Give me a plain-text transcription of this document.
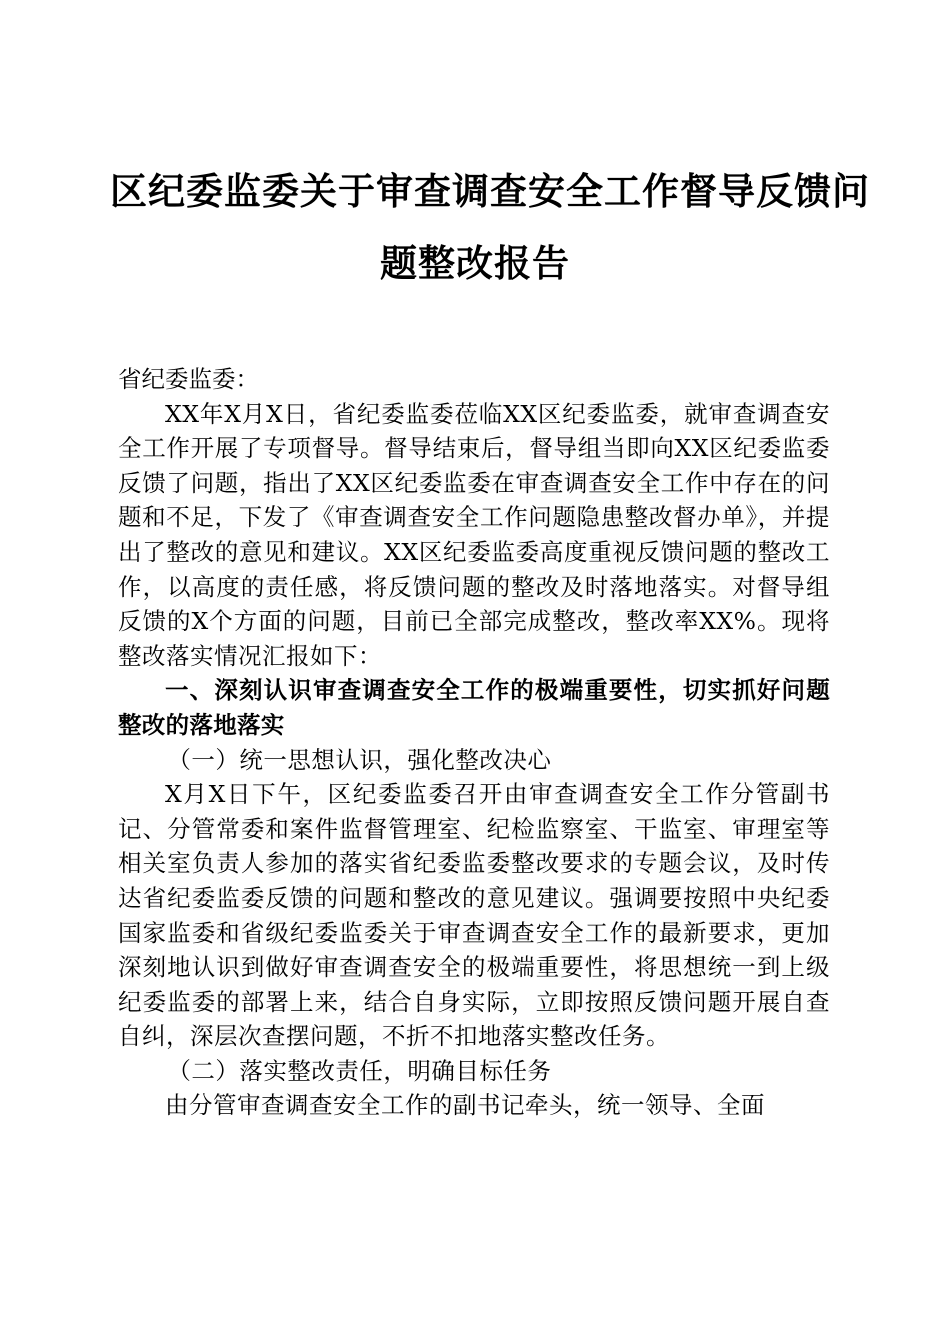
区纪委监委关于审查调查安全工作督导反馈问
题整改报告

省纪委监委：

XX年X月X日，省纪委监委莅临XX区纪委监委，就审查调查安全工作开展了专项督导。督导结束后，督导组当即向XX区纪委监委反馈了问题，指出了XX区纪委监委在审查调查安全工作中存在的问题和不足，下发了《审查调查安全工作问题隐患整改督办单》，并提出了整改的意见和建议。XX区纪委监委高度重视反馈问题的整改工作，以高度的责任感，将反馈问题的整改及时落地落实。对督导组反馈的X个方面的问题，目前已全部完成整改，整改率XX%。现将整改落实情况汇报如下：

一、深刻认识审查调查安全工作的极端重要性，切实抓好问题整改的落地落实

（一）统一思想认识，强化整改决心

X月X日下午，区纪委监委召开由审查调查安全工作分管副书记、分管常委和案件监督管理室、纪检监察室、干监室、审理室等相关室负责人参加的落实省纪委监委整改要求的专题会议，及时传达省纪委监委反馈的问题和整改的意见建议。强调要按照中央纪委国家监委和省级纪委监委关于审查调查安全工作的最新要求，更加深刻地认识到做好审查调查安全的极端重要性，将思想统一到上级纪委监委的部署上来，结合自身实际，立即按照反馈问题开展自查自纠，深层次查摆问题，不折不扣地落实整改任务。

（二）落实整改责任，明确目标任务

由分管审查调查安全工作的副书记牵头，统一领导、全面
